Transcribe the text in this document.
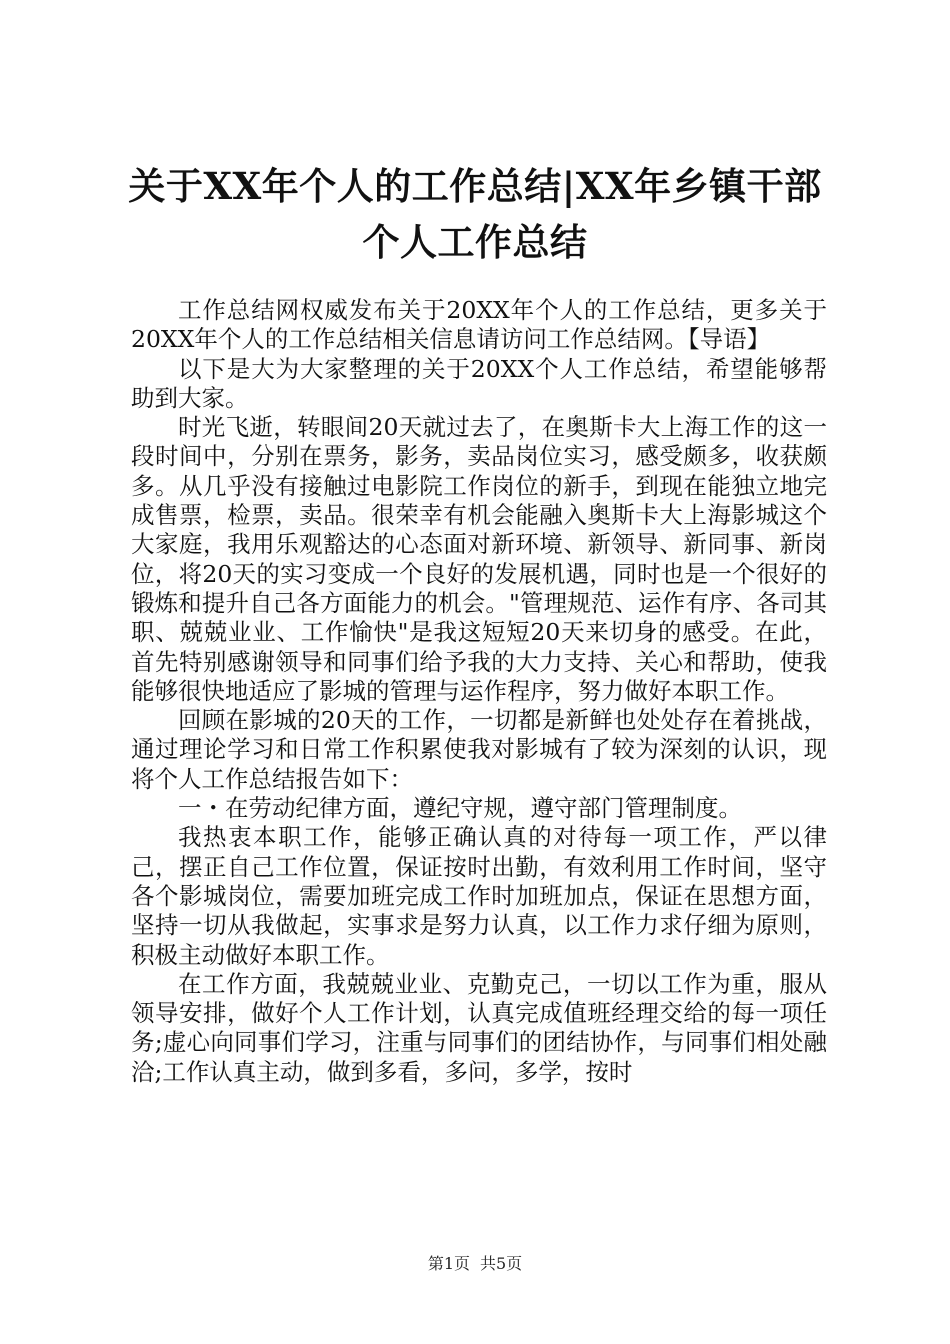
关于XX年个人的工作总结|XX年乡镇干部个人工作总结

工作总结网权威发布关于20XX年个人的工作总结，更多关于20XX年个人的工作总结相关信息请访问工作总结网。【导语】

以下是大为大家整理的关于20XX个人工作总结，希望能够帮助到大家。

时光飞逝，转眼间20天就过去了，在奥斯卡大上海工作的这一段时间中，分别在票务，影务，卖品岗位实习，感受颇多，收获颇多。从几乎没有接触过电影院工作岗位的新手，到现在能独立地完成售票，检票，卖品。很荣幸有机会能融入奥斯卡大上海影城这个大家庭，我用乐观豁达的心态面对新环境、新领导、新同事、新岗位，将20天的实习变成一个良好的发展机遇，同时也是一个很好的锻炼和提升自己各方面能力的机会。"管理规范、运作有序、各司其职、兢兢业业、工作愉快"是我这短短20天来切身的感受。在此，首先特别感谢领导和同事们给予我的大力支持、关心和帮助，使我能够很快地适应了影城的管理与运作程序，努力做好本职工作。

回顾在影城的20天的工作，一切都是新鲜也处处存在着挑战，通过理论学习和日常工作积累使我对影城有了较为深刻的认识，现将个人工作总结报告如下：

一・在劳动纪律方面，遵纪守规，遵守部门管理制度。

我热衷本职工作，能够正确认真的对待每一项工作，严以律己，摆正自己工作位置，保证按时出勤，有效利用工作时间，坚守各个影城岗位，需要加班完成工作时加班加点，保证在思想方面，坚持一切从我做起，实事求是努力认真，以工作力求仔细为原则，积极主动做好本职工作。

在工作方面，我兢兢业业、克勤克己，一切以工作为重，服从领导安排，做好个人工作计划，认真完成值班经理交给的每一项任务;虚心向同事们学习，注重与同事们的团结协作，与同事们相处融洽;工作认真主动，做到多看，多问，多学，按时

第1页 共5页
